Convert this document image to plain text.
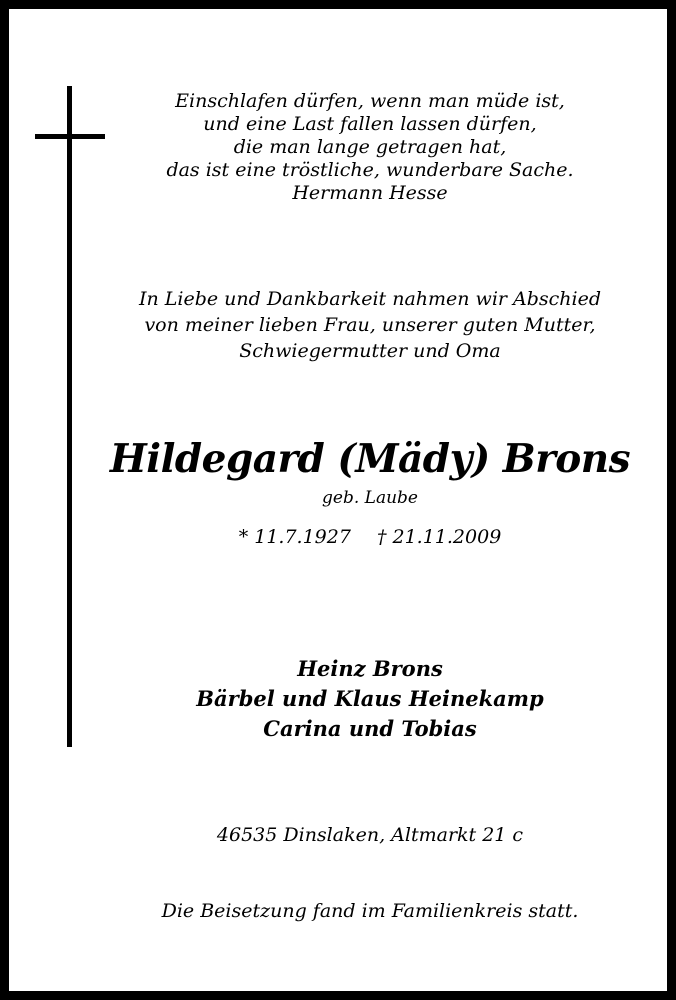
Einschlafen dürfen, wenn man müde ist,
und eine Last fallen lassen dürfen,
die man lange getragen hat,
das ist eine tröstliche, wunderbare Sache.
Hermann Hesse
In Liebe und Dankbarkeit nahmen wir Abschied
von meiner lieben Frau, unserer guten Mutter,
Schwiegermutter und Oma
Hildegard (Mädy) Brons
geb. Laube
* 11.7.1927 † 21.11.2009
Heinz Brons
Bärbel und Klaus Heinekamp
Carina und Tobias
46535 Dinslaken, Altmarkt 21 c
Die Beisetzung fand im Familienkreis statt.
